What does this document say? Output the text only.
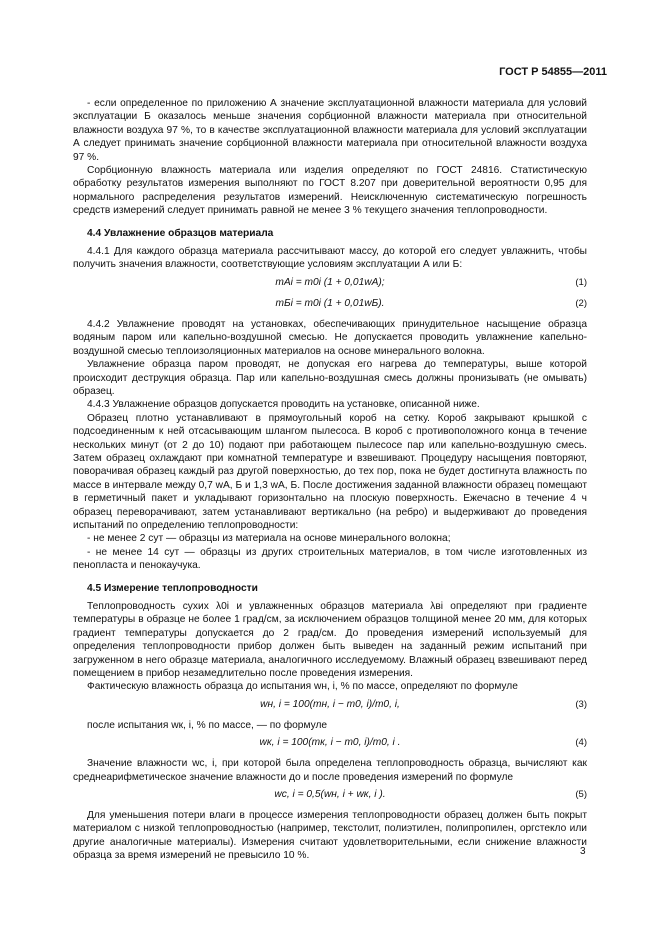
ГОСТ Р 54855—2011

- если определенное по приложению А значение эксплуатационной влажности материала для условий эксплуатации Б оказалось меньше значения сорбционной влажности материала при относительной влажности воздуха 97 %, то в качестве эксплуатационной влажности материала для условий эксплуатации А следует принимать значение сорбционной влажности материала при относительной влажности воздуха 97 %.

Сорбционную влажность материала или изделия определяют по ГОСТ 24816. Статистическую обработку результатов измерения выполняют по ГОСТ 8.207 при доверительной вероятности 0,95 для нормального распределения результатов измерений. Неисключенную систематическую погрешность средств измерений следует принимать равной не менее 3 % текущего значения теплопроводности.

4.4 Увлажнение образцов материала

4.4.1 Для каждого образца материала рассчитывают массу, до которой его следует увлажнить, чтобы получить значения влажности, соответствующие условиям эксплуатации А или Б:

mAi = m0i (1 + 0,01wA);	(1)
mБi = m0i (1 + 0,01wБ).	(2)

4.4.2 Увлажнение проводят на установках, обеспечивающих принудительное насыщение образца водяным паром или капельно-воздушной смесью. Не допускается проводить увлажнение капельно-воздушной смесью теплоизоляционных материалов на основе минерального волокна.

Увлажнение образца паром проводят, не допуская его нагрева до температуры, выше которой происходит деструкция образца. Пар или капельно-воздушная смесь должны пронизывать (не омывать) образец.

4.4.3 Увлажнение образцов допускается проводить на установке, описанной ниже.

Образец плотно устанавливают в прямоугольный короб на сетку. Короб закрывают крышкой с подсоединенным к ней отсасывающим шлангом пылесоса. В короб с противоположного конца в течение нескольких минут (от 2 до 10) подают при работающем пылесосе пар или капельно-воздушную смесь. Затем образец охлаждают при комнатной температуре и взвешивают. Процедуру насыщения повторяют, поворачивая образец каждый раз другой поверхностью, до тех пор, пока не будет достигнута влажность по массе в интервале между 0,7 wА, Б и 1,3 wА, Б. После достижения заданной влажности образец помещают в герметичный пакет и укладывают горизонтально на плоскую поверхность. Ежечасно в течение 4 ч образец переворачивают, затем устанавливают вертикально (на ребро) и выдерживают до проведения испытаний по определению теплопроводности:

- не менее 2 сут — образцы из материала на основе минерального волокна;

- не менее 14 сут — образцы из других строительных материалов, в том числе изготовленных из пенопласта и пенокаучука.

4.5 Измерение теплопроводности

Теплопроводность сухих λ0i и увлажненных образцов материала λвi определяют при градиенте температуры в образце не более 1 град/см, за исключением образцов толщиной менее 20 мм, для которых градиент температуры допускается до 2 град/см. До проведения измерений используемый для определения теплопроводности прибор должен быть выведен на заданный режим испытаний при загруженном в него образце материала, аналогичного исследуемому. Влажный образец взвешивают перед помещением в прибор незамедлительно после проведения измерения.

Фактическую влажность образца до испытания wн, i, % по массе, определяют по формуле

wн, i = 100(mн, i − m0, i)/m0, i,	(3)

после испытания wк, i, % по массе, — по формуле

wк, i = 100(mк, i − m0, i)/m0, i .	(4)

Значение влажности wс, i, при которой была определена теплопроводность образца, вычисляют как среднеарифметическое значение влажности до и после проведения измерений по формуле

wс, i = 0,5(wн, i + wк, i ).	(5)

Для уменьшения потери влаги в процессе измерения теплопроводности образец должен быть покрыт материалом с низкой теплопроводностью (например, текстолит, полиэтилен, полипропилен, оргстекло или другие аналогичные материалы). Измерения считают удовлетворительными, если снижение влажности образца за время измерений не превысило 10 %.	3
